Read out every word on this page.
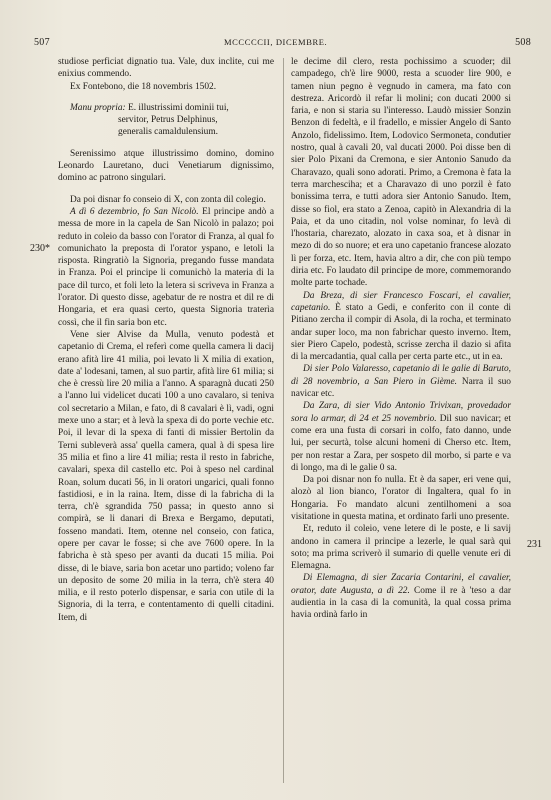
507	MCCCCCII, DICEMBRE.	508
230*
231

studiose perficiat dignatio tua. Vale, dux inclite, cui me enixius commendo.

Ex Fontebono, die 18 novembris 1502.

Manu propria: E. illustrissimi dominii tui,

servitor, Petrus Delphinus,

generalis camaldulensium.

Serenissimo atque illustrissimo domino, domino Leonardo Lauretano, duci Venetiarum dignissimo, domino ac patrono singulari.

Da poi disnar fo conseio di X, con zonta dil colegio.

A dì 6 dezembrio, fo San Nicolò. El principe andò a messa de more in la capela de San Nicolò in palazo; poi reduto in coleio da basso con l'orator di Franza, al qual fo comunichato la preposta di l'orator yspano, e letoli la risposta. Ringratiò la Signoria, pregando fusse mandata in Franza. Poi el principe li comunichò la materia di la pace dil turco, et foli leto la letera si scriveva in Franza a l'orator. Di questo disse, agebatur de re nostra et dil re di Hongaria, et era quasi certo, questa Signoria traterìa cossì, che il fin saria bon etc.

Vene sier Alvise da Mulla, venuto podestà et capetanio di Crema, el referì come quella camera li dacij erano afità lire 41 milia, poi levato li X milia di exation, date a' lodesani, tamen, al suo partir, afità lire 61 milia; si che è cressù lire 20 milia a l'anno. A sparagnà ducati 250 a l'anno lui videlicet ducati 100 a uno cavalaro, si teniva col secretario a Milan, e fato, di 8 cavalari è lì, vadi, ogni mexe uno a star; et à levà la spexa di do porte vechie etc. Poi, il levar di la spexa di fanti di missier Bertolin da Terni subleverà assa' quella camera, qual à di spesa lire 35 milia et fino a lire 41 milia; resta il resto in fabriche, cavalari, spexa dil castello etc. Poi à speso nel cardinal Roan, solum ducati 56, in li oratori ungarici, quali fonno fastidiosi, e in la raina. Item, disse di la fabricha di la terra, ch'è sgrandida 750 passa; in questo anno si compirà, se li danari di Brexa e Bergamo, deputati, fosseno mandati. Item, otenne nel conseio, con fatica, opere per cavar le fosse; si che ave 7600 opere. In la fabricha è stà speso per avanti da ducati 15 milia. Poi disse, di le biave, saria bon acetar uno partido; voleno far un deposito de some 20 milia in la terra, ch'è stera 40 milia, e il resto poterlo dispensar, e saria con utile di la Signoria, di la terra, e contentamento di quelli citadini. Item, di

le decime dil clero, resta pochissimo a scuoder; dil campadego, ch'è lire 9000, resta a scuoder lire 900, e tamen niun pegno è vegnudo in camera, ma fato con destreza. Aricordò il refar li molini; con ducati 2000 si faria, e non si staria su l'interesso. Laudò missier Sonzin Benzon di fedeltà, e il fradello, e missier Angelo di Santo Anzolo, fidelissimo. Item, Lodovico Sermoneta, condutier nostro, qual à cavali 20, val ducati 2000. Poi disse ben di sier Polo Pixani da Cremona, e sier Antonio Sanudo da Charavazo, quali sono adorati. Primo, a Cremona è fata la terra marchesciha; et a Charavazo di uno porzil è fato bonissima terra, e tutti adora sier Antonio Sanudo. Item, disse so fiol, era stato a Zenoa, capitò in Alexandria di la Paia, et da uno citadin, nol volse nominar, fo levà di l'hostaria, charezato, alozato in caxa soa, et à disnar in mezo di do so nuore; et era uno capetanio francese alozato lì per forza, etc. Item, havia altro a dir, che con più tempo diria etc. Fo laudato dil principe de more, commemorando molte parte tochade.

Da Breza, di sier Francesco Foscari, el cavalier, capetanio. È stato a Gedi, e conferito con il conte di Pitiano zercha il compir di Asola, di la rocha, et terminato andar super loco, ma non fabrichar questo inverno. Item, sier Piero Capelo, podestà, scrisse zercha il dazio si afita di la mercadantia, qual calla per certa parte etc., ut in ea.

Di sier Polo Valaresso, capetanio di le galie di Baruto, di 28 novembrio, a San Piero in Gième. Narra il suo navicar etc.

Da Zara, di sier Vido Antonio Trivixan, provedador sora lo armar, di 24 et 25 novembrio. Dil suo navicar; et come era una fusta di corsari in colfo, fato danno, unde lui, per securtà, tolse alcuni homeni di Cherso etc. Item, per non restar a Zara, per sospeto dil morbo, si parte e va di longo, ma di le galie 0 sa.

Da poi disnar non fo nulla. Et è da saper, eri vene qui, alozò al lion bianco, l'orator di Ingaltera, qual fo in Hongaria. Fo mandato alcuni zentilhomeni a soa visitatione in questa matina, et ordinato farli uno presente.

Et, reduto il coleio, vene letere di le poste, e li savij andono in camera il principe a lezerle, le qual sarà qui soto; ma prima scriverò il sumario di quelle venute eri di Elemagna.

Di Elemagna, di sier Zacaria Contarini, el cavalier, orator, date Augusta, a dì 22. Come il re à 'teso a dar audientia in la casa di la comunità, la qual cossa prima havia ordinà farlo in
